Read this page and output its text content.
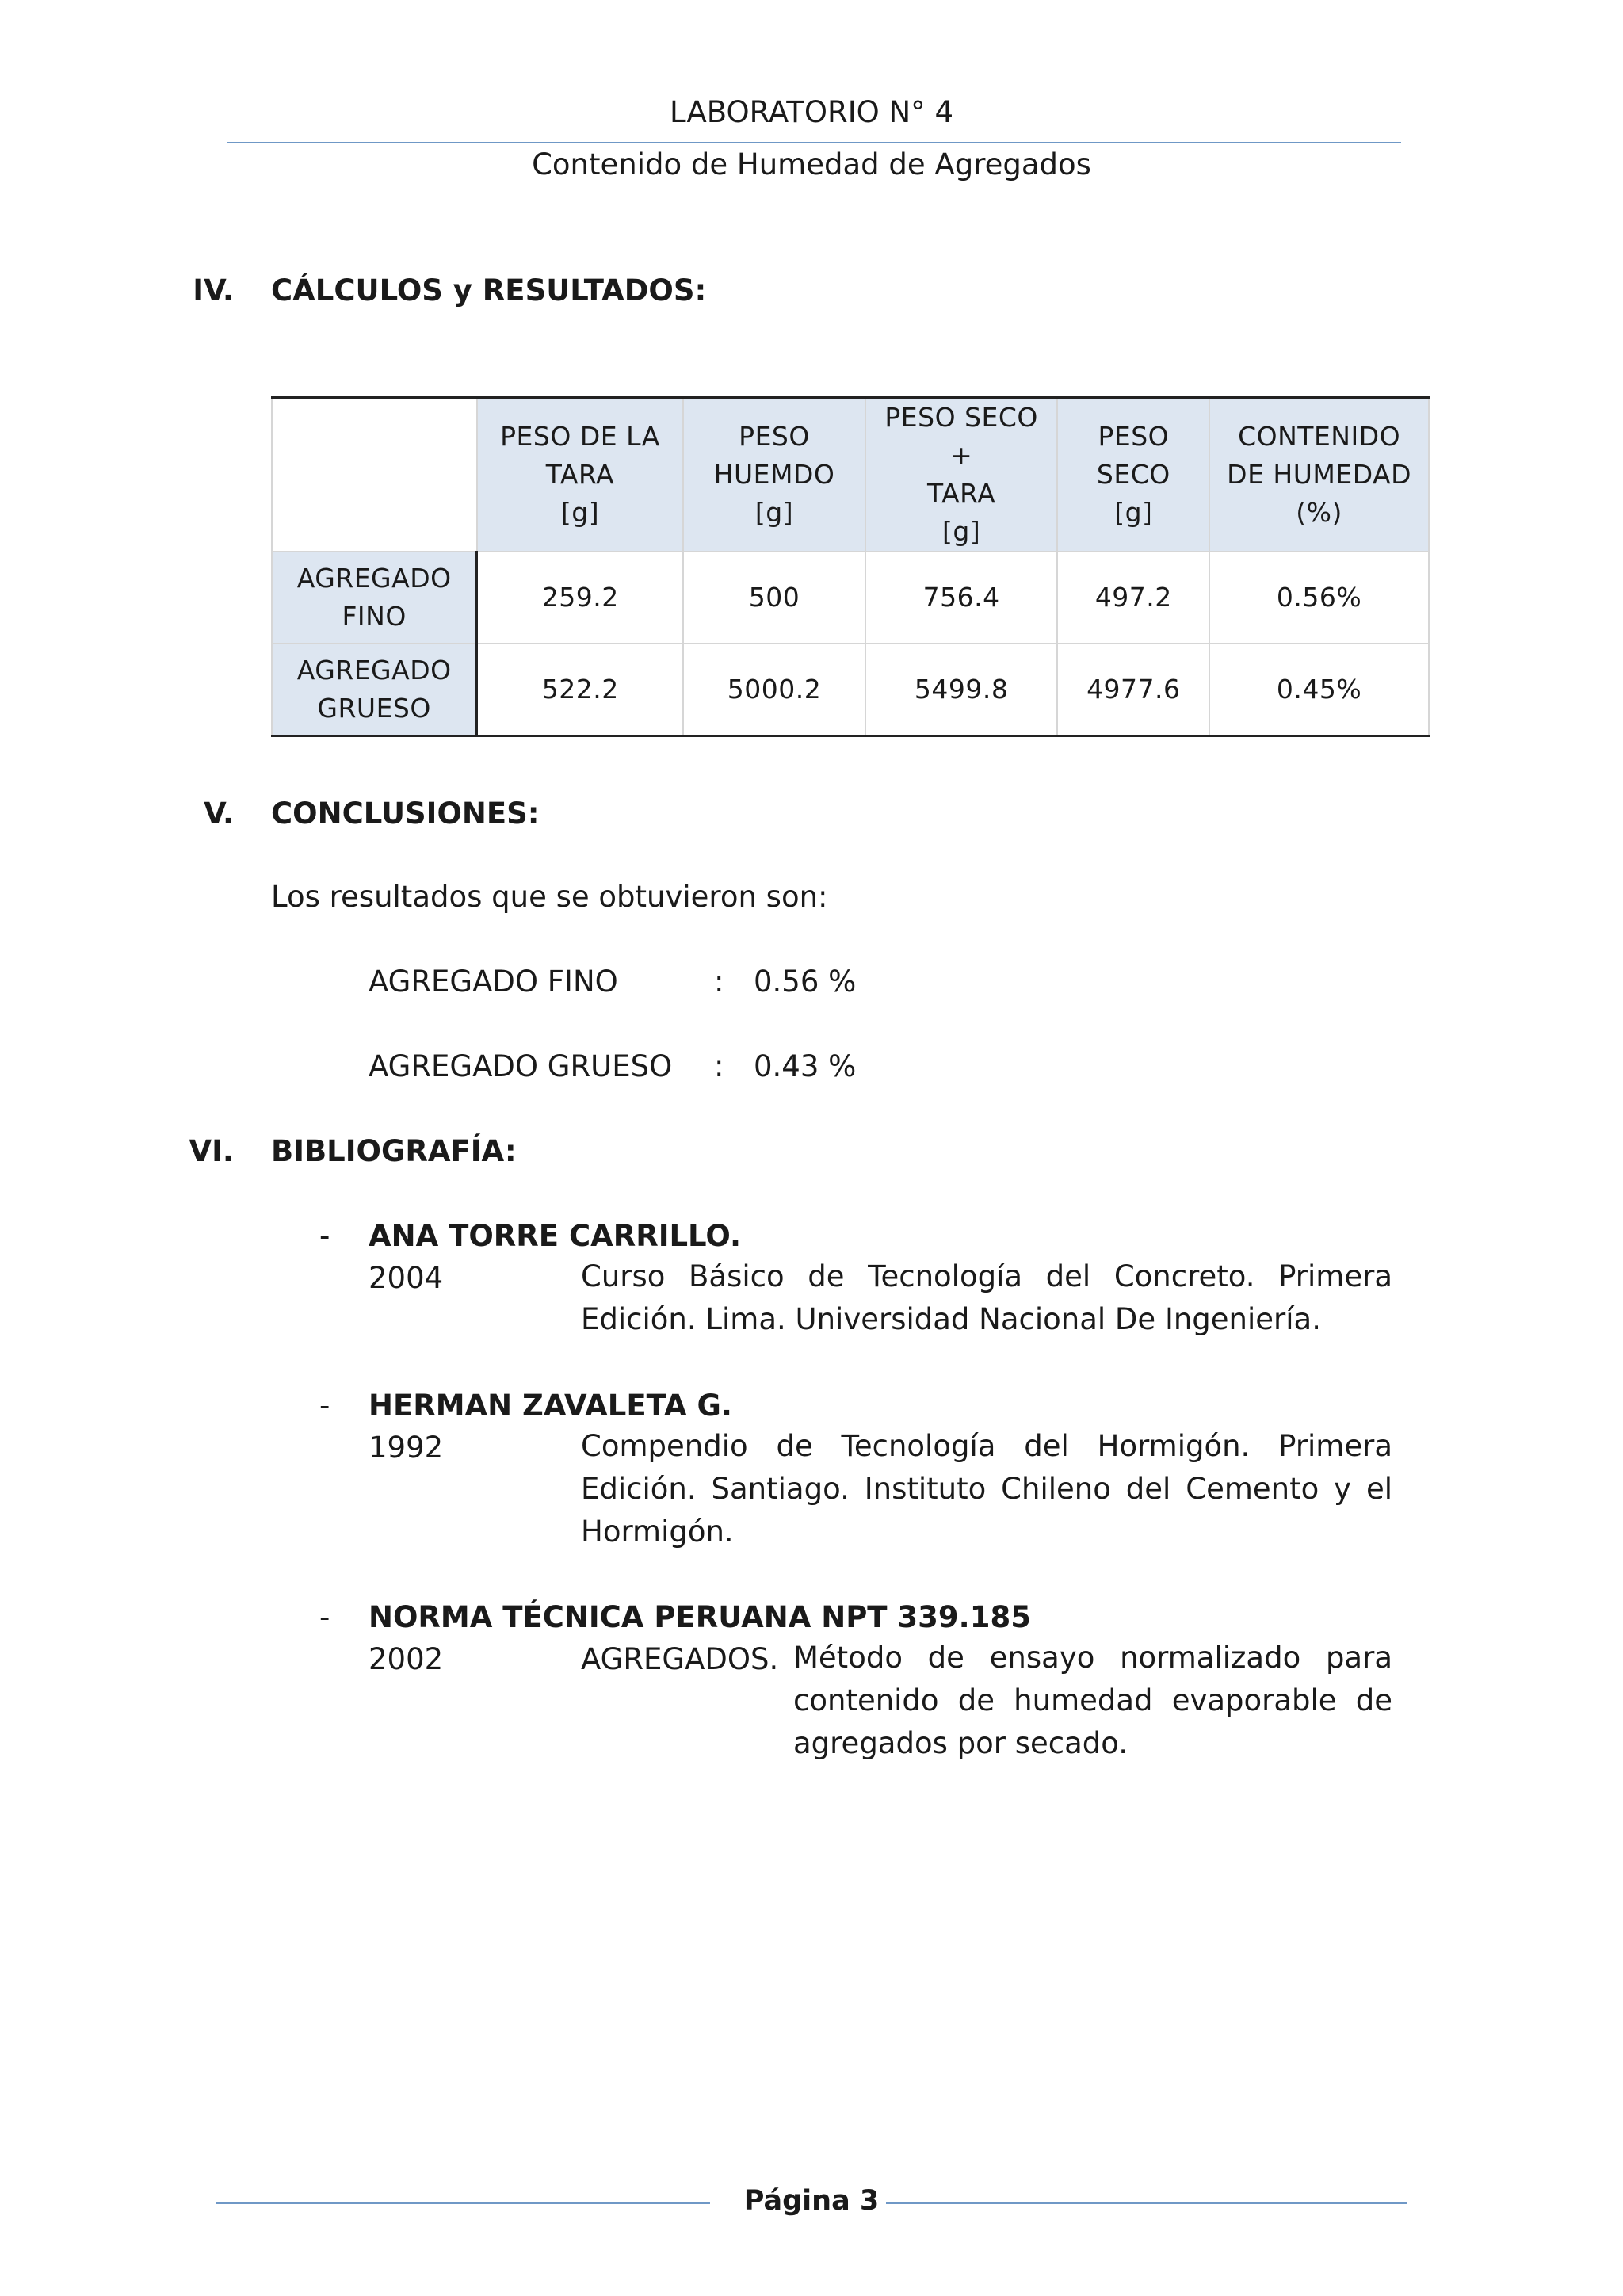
LABORATORIO N° 4
Contenido de Humedad de Agregados
IV. CÁLCULOS y RESULTADOS:
	PESO DE LA
TARA
[g]	PESO
HUEMDO
[g]	PESO SECO +
TARA
[g]	PESO
SECO
[g]	CONTENIDO
DE HUMEDAD
(%)
AGREGADO
FINO	259.2	500	756.4	497.2	0.56%
AGREGADO
GRUESO	522.2	5000.2	5499.8	4977.6	0.45%
V. CONCLUSIONES:
Los resultados que se obtuvieron son:
AGREGADO FINO	: 0.56 %
AGREGADO GRUESO : 0.43 %
VI. BIBLIOGRAFÍA:
- ANA TORRE CARRILLO.
2004	Curso Básico de Tecnología del Concreto. Primera Edición. Lima. Universidad Nacional De Ingeniería.
- HERMAN ZAVALETA G.
1992	Compendio de Tecnología del Hormigón. Primera Edición. Santiago. Instituto Chileno del Cemento y el Hormigón.
- NORMA TÉCNICA PERUANA NPT 339.185
2002	AGREGADOS. Método de ensayo normalizado para contenido de humedad evaporable de agregados por secado.
Página 3
